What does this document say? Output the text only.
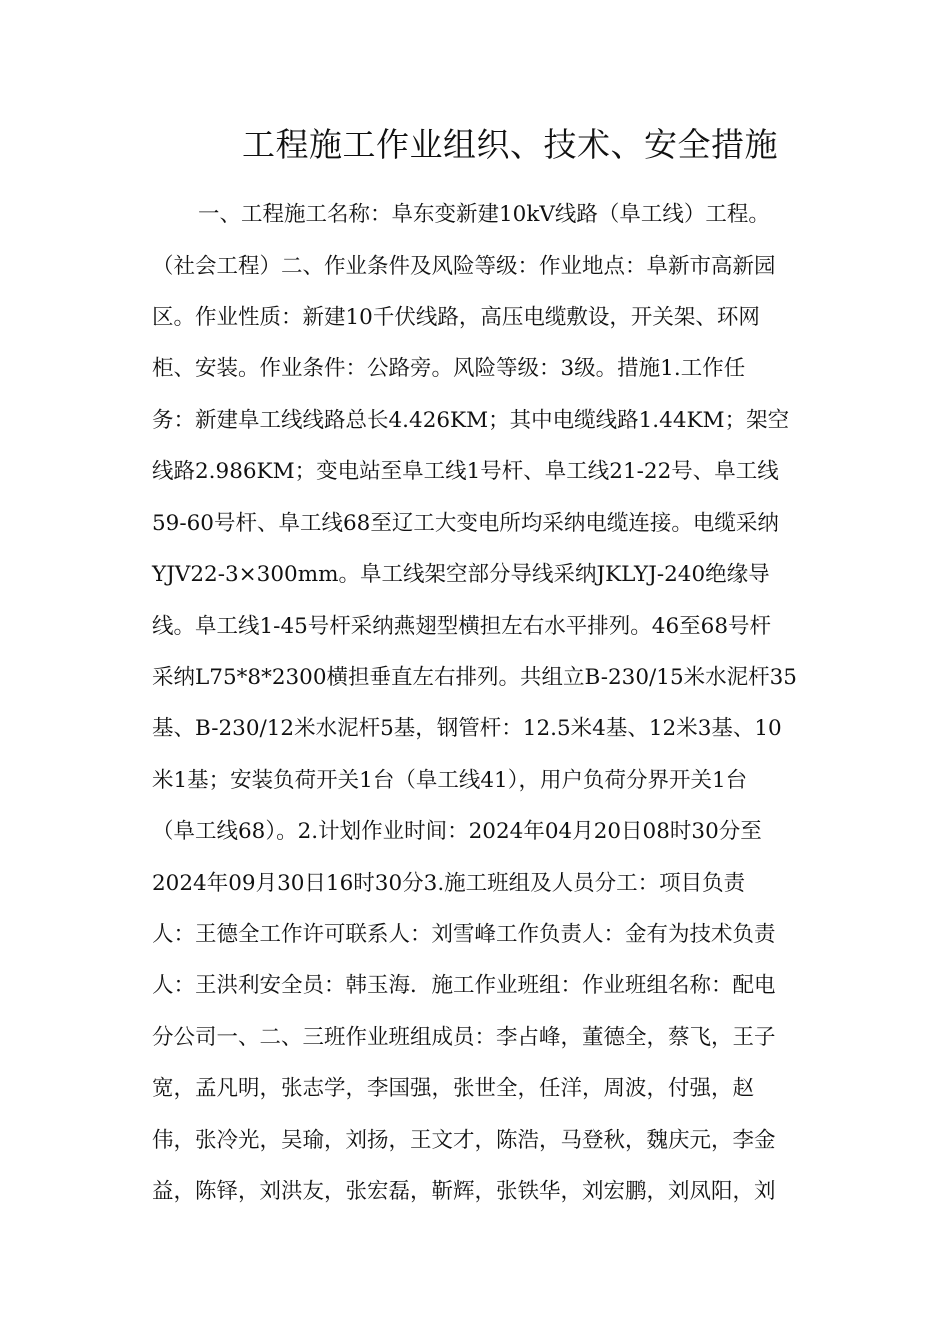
工程施工作业组织、技术、安全措施
一、工程施工名称：阜东变新建10kV线路（阜工线）工程。
（社会工程）二、作业条件及风险等级：作业地点：阜新市高新园
区。作业性质：新建10千伏线路，高压电缆敷设，开关架、环网
柜、安装。作业条件：公路旁。风险等级：3级。措施1.工作任
务：新建阜工线线路总长4.426KM；其中电缆线路1.44KM；架空
线路2.986KM；变电站至阜工线1号杆、阜工线21-22号、阜工线
59-60号杆、阜工线68至辽工大变电所均采纳电缆连接。电缆采纳
YJV22-3×300mm。阜工线架空部分导线采纳JKLYJ-240绝缘导
线。阜工线1-45号杆采纳燕翅型横担左右水平排列。46至68号杆
采纳L75*8*2300横担垂直左右排列。共组立B-230/15米水泥杆35
基、B-230/12米水泥杆5基，钢管杆：12.5米4基、12米3基、10
米1基；安装负荷开关1台（阜工线41），用户负荷分界开关1台
（阜工线68）。2.计划作业时间：2024年04月20日08时30分至
2024年09月30日16时30分3.施工班组及人员分工：项目负责
人：王德全工作许可联系人：刘雪峰工作负责人：金有为技术负责
人：王洪利安全员：韩玉海．施工作业班组：作业班组名称：配电
分公司一、二、三班作业班组成员：李占峰，董德全，蔡飞，王子
宽，孟凡明，张志学，李国强，张世全，任洋，周波，付强，赵
伟，张冷光，吴瑜，刘扬，王文才，陈浩，马登秋，魏庆元，李金
益，陈铎，刘洪友，张宏磊，靳辉，张铁华，刘宏鹏，刘凤阳，刘
